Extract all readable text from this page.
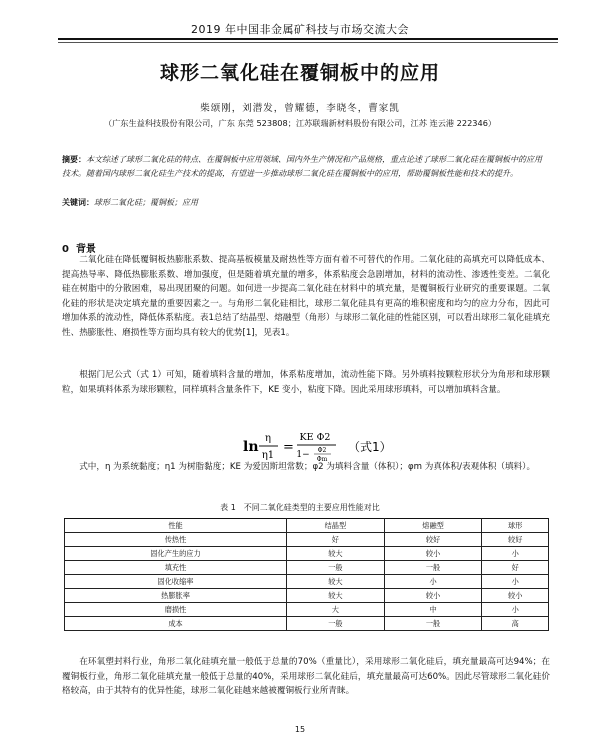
2019 年中国非金属矿科技与市场交流大会
球形二氧化硅在覆铜板中的应用
柴颂刚，刘潜发，曾耀德，李晓冬，曹家凯
（广东生益科技股份有限公司，广东 东莞 523808；江苏联瑞新材料股份有限公司，江苏 连云港 222346）
摘要：本文综述了球形二氧化硅的特点、在覆铜板中应用领域、国内外生产情况和产品规格，重点论述了球形二氧化硅在覆铜板中的应用技术。随着国内球形二氧化硅生产技术的提高，有望进一步推动球形二氧化硅在覆铜板中的应用，帮助覆铜板性能和技术的提升。
关键词：球形二氧化硅；覆铜板；应用
0 背景
二氧化硅在降低覆铜板热膨胀系数、提高基板模量及耐热性等方面有着不可替代的作用。二氧化硅的高填充可以降低成本、提高热导率、降低热膨胀系数、增加强度，但是随着填充量的增多，体系粘度会急剧增加，材料的流动性、渗透性变差。二氧化硅在树脂中的分散困难，易出现团聚的问题。如何进一步提高二氧化硅在材料中的填充量，是覆铜板行业研究的重要课题。二氧化硅的形状是决定填充量的重要因素之一。与角形二氧化硅相比，球形二氧化硅具有更高的堆积密度和均匀的应力分布，因此可增加体系的流动性，降低体系粘度。表1总结了结晶型、熔融型（角形）与球形二氧化硅的性能区别，可以看出球形二氧化硅填充性、热膨胀性、磨损性等方面均具有较大的优势[1]，见表1。
根据门尼公式（式 1）可知，随着填料含量的增加，体系粘度增加，流动性能下降。另外填料按颗粒形状分为角形和球形颗粒，如果填料体系为球形颗粒，同样填料含量条件下，KE 变小，粘度下降。因此采用球形填料，可以增加填料含量。
ln
η
η1
=
KE Φ2
1− Φ2
Φm
（式1）
式中，η 为系统黏度；η1 为树脂黏度；KE 为爱因斯坦常数；φ2 为填料含量（体积）；φm 为真体积/表观体积（填料）。
表 1　不同二氧化硅类型的主要应用性能对比
性能	结晶型	熔融型	球形
传热性	好	较好	较好
固化产生的应力	较大	较小	小
填充性	一般	一般	好
固化收缩率	较大	小	小
热膨胀率	较大	较小	较小
磨损性	大	中	小
成本	一般	一般	高
在环氧塑封料行业，角形二氧化硅填充量一般低于总量的70%（重量比），采用球形二氧化硅后，填充量最高可达94%；在覆铜板行业，角形二氧化硅填充量一般低于总量的40%，采用球形二氧化硅后，填充量最高可达60%。因此尽管球形二氧化硅价格较高，由于其特有的优异性能，球形二氧化硅越来越被覆铜板行业所青睐。
15
